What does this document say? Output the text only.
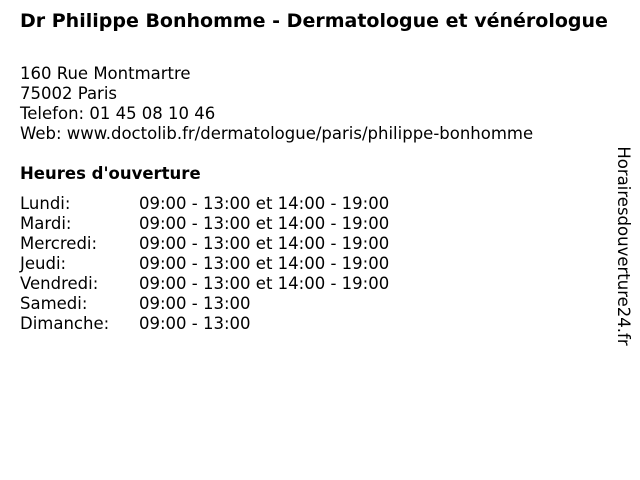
Dr Philippe Bonhomme - Dermatologue et vénérologue
160 Rue Montmartre
75002 Paris
Telefon: 01 45 08 10 46
Web: www.doctolib.fr/dermatologue/paris/philippe-bonhomme
Heures d'ouverture
Lundi:	09:00 - 13:00 et 14:00 - 19:00
Mardi:	09:00 - 13:00 et 14:00 - 19:00
Mercredi:	09:00 - 13:00 et 14:00 - 19:00
Jeudi:	09:00 - 13:00 et 14:00 - 19:00
Vendredi: 09:00 - 13:00 et 14:00 - 19:00
Samedi:	09:00 - 13:00
Dimanche: 09:00 - 13:00	Horairesdouverture24.fr
